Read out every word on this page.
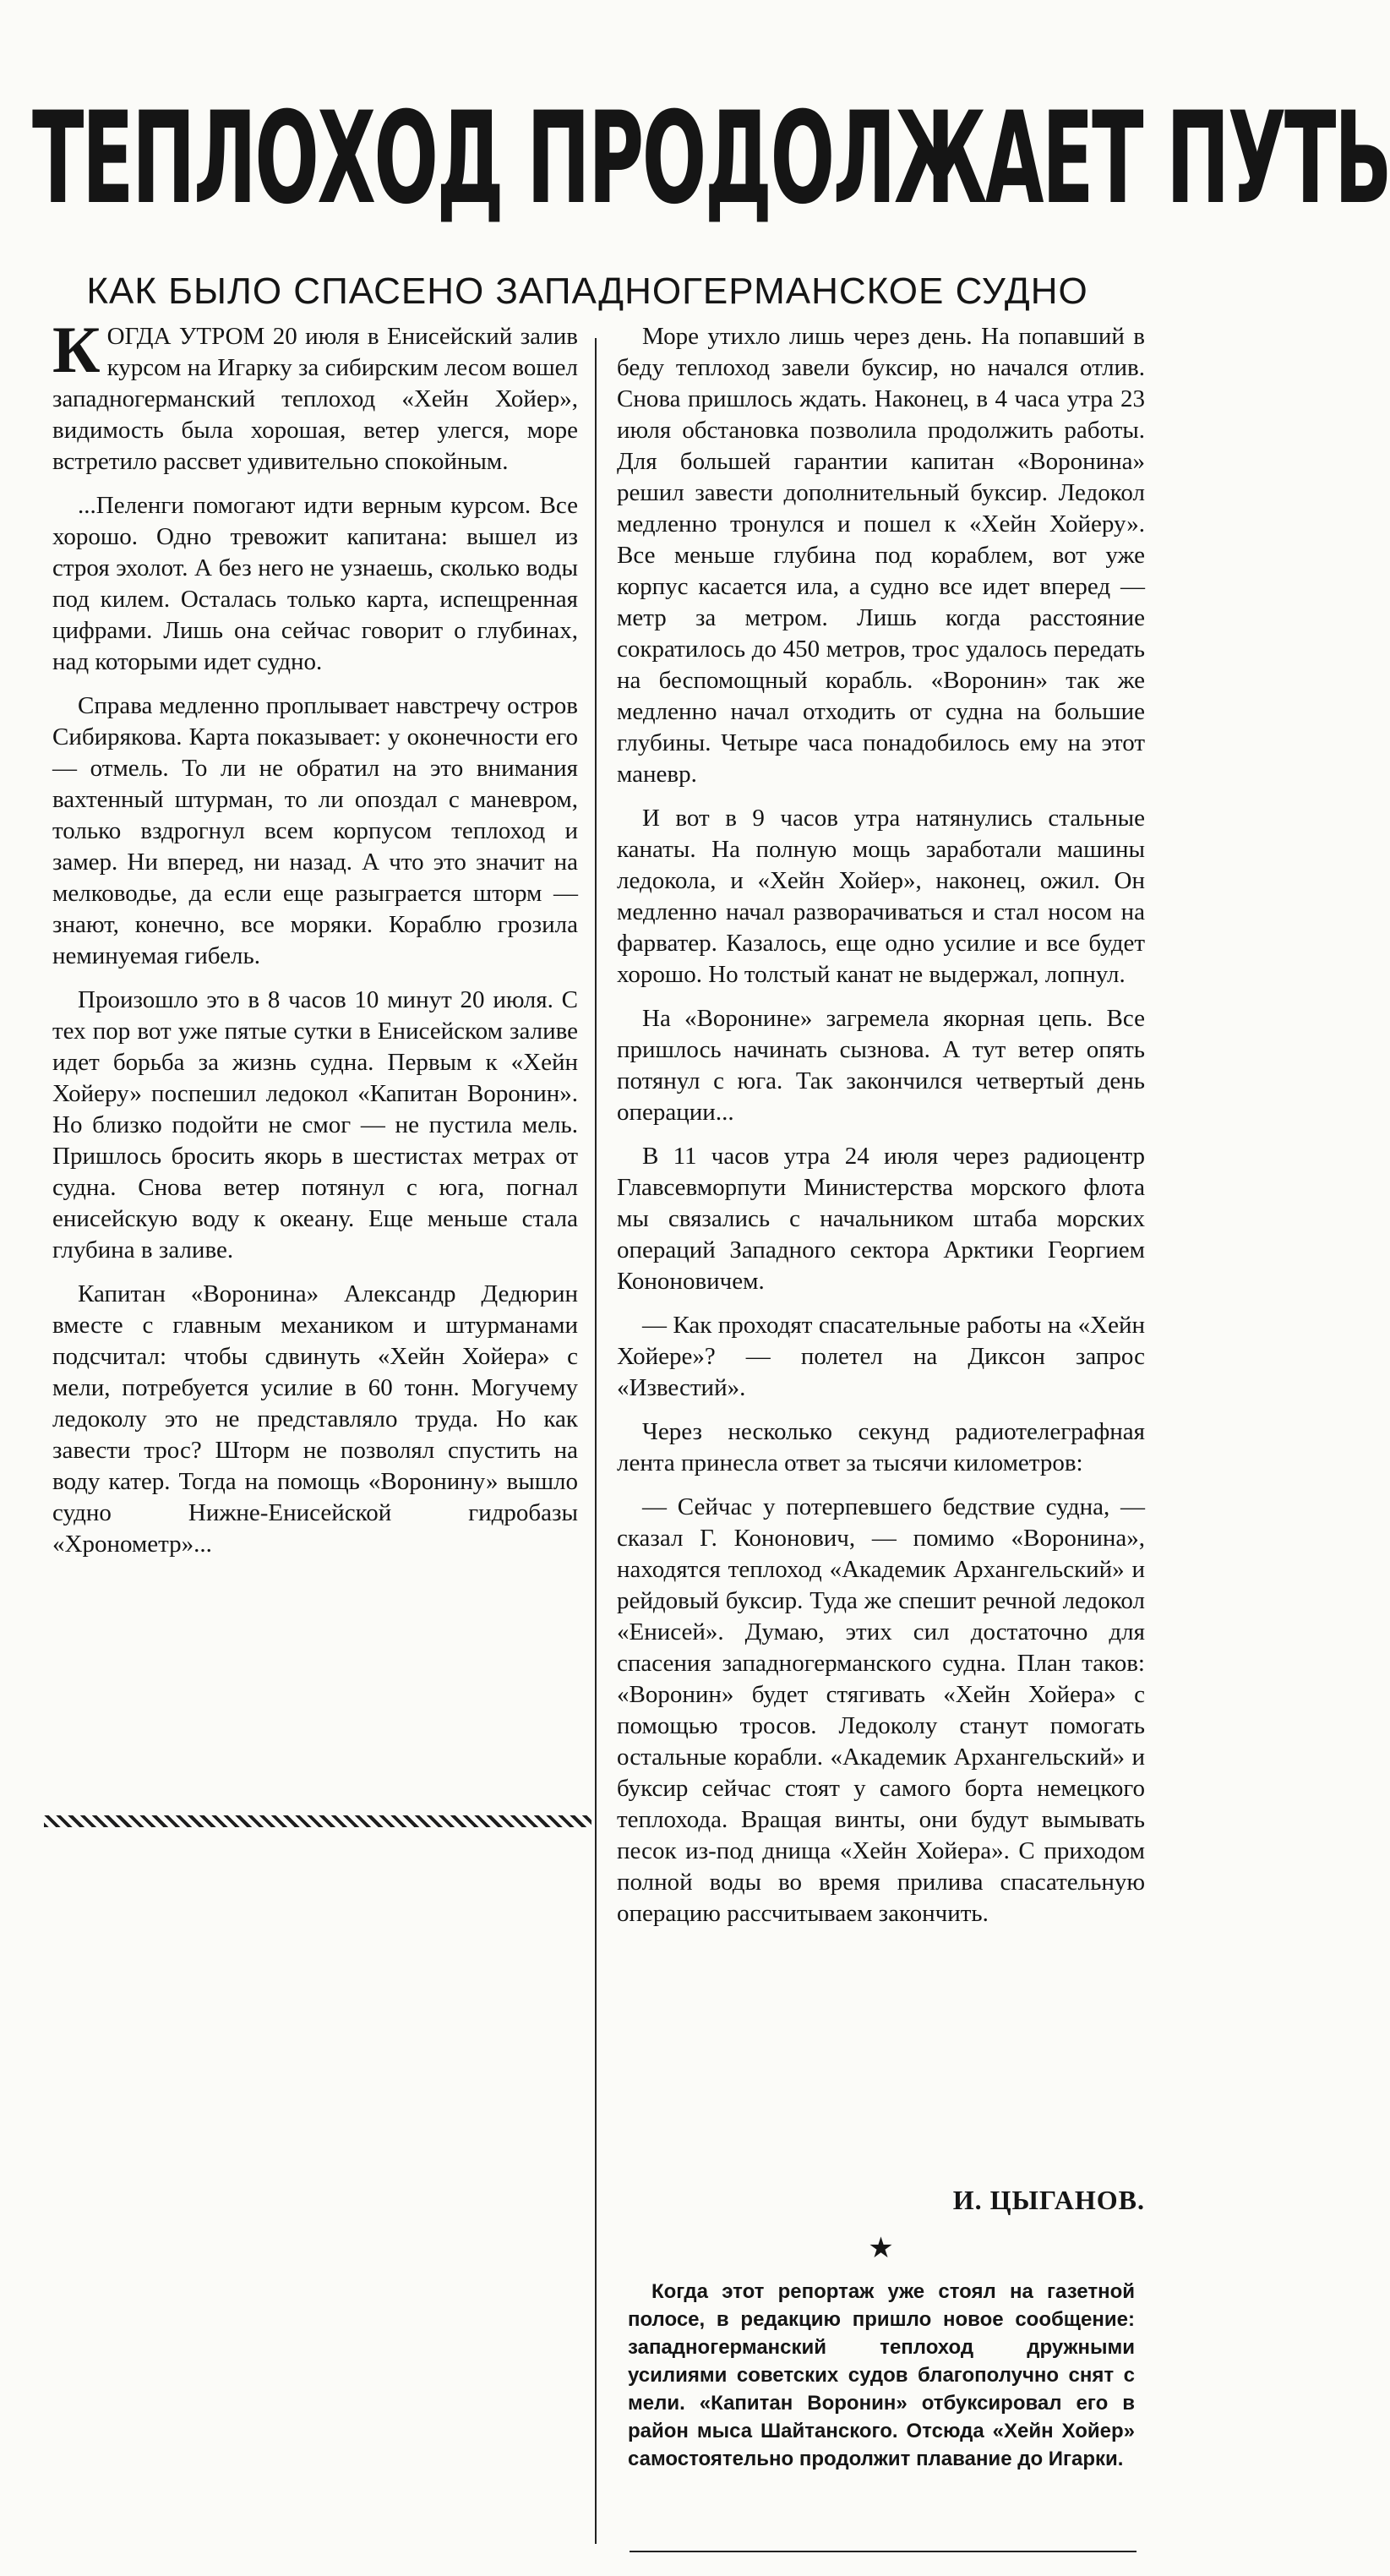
ТЕПЛОХОД ПРОДОЛЖАЕТ ПУТЬ
КАК БЫЛО СПАСЕНО ЗАПАДНОГЕРМАНСКОЕ СУДНО

КОГДА УТРОМ 20 июля в Енисейский залив курсом на Игарку за сибирским лесом вошел западногерманский теплоход «Хейн Хойер», видимость была хорошая, ветер улегся, море встретило рассвет удивительно спокойным.

...Пеленги помогают идти верным курсом. Все хорошо. Одно тревожит капитана: вышел из строя эхолот. А без него не узнаешь, сколько воды под килем. Осталась только карта, испещренная цифрами. Лишь она сейчас говорит о глубинах, над которыми идет судно.

Справа медленно проплывает навстречу остров Сибирякова. Карта показывает: у оконечности его — отмель. То ли не обратил на это внимания вахтенный штурман, то ли опоздал с маневром, только вздрогнул всем корпусом теплоход и замер. Ни вперед, ни назад. А что это значит на мелководье, да если еще разыграется шторм — знают, конечно, все моряки. Кораблю грозила неминуемая гибель.

Произошло это в 8 часов 10 минут 20 июля. С тех пор вот уже пятые сутки в Енисейском заливе идет борьба за жизнь судна. Первым к «Хейн Хойеру» поспешил ледокол «Капитан Воронин». Но близко подойти не смог — не пустила мель. Пришлось бросить якорь в шестистах метрах от судна. Снова ветер потянул с юга, погнал енисейскую воду к океану. Еще меньше стала глубина в заливе.

Капитан «Воронина» Александр Дедюрин вместе с главным механиком и штурманами подсчитал: чтобы сдвинуть «Хейн Хойера» с мели, потребуется усилие в 60 тонн. Могучему ледоколу это не представляло труда. Но как завести трос? Шторм не позволял спустить на воду катер. Тогда на помощь «Воронину» вышло судно Нижне-Енисейской гидробазы «Хронометр»...

Море утихло лишь через день. На попавший в беду теплоход завели буксир, но начался отлив. Снова пришлось ждать. Наконец, в 4 часа утра 23 июля обстановка позволила продолжить работы. Для большей гарантии капитан «Воронина» решил завести дополнительный буксир. Ледокол медленно тронулся и пошел к «Хейн Хойеру». Все меньше глубина под кораблем, вот уже корпус касается ила, а судно все идет вперед — метр за метром. Лишь когда расстояние сократилось до 450 метров, трос удалось передать на беспомощный корабль. «Воронин» так же медленно начал отходить от судна на большие глубины. Четыре часа понадобилось ему на этот маневр.

И вот в 9 часов утра натянулись стальные канаты. На полную мощь заработали машины ледокола, и «Хейн Хойер», наконец, ожил. Он медленно начал разворачиваться и стал носом на фарватер. Казалось, еще одно усилие и все будет хорошо. Но толстый канат не выдержал, лопнул.

На «Воронине» загремела якорная цепь. Все пришлось начинать сызнова. А тут ветер опять потянул с юга. Так закончился четвертый день операции...

В 11 часов утра 24 июля через радиоцентр Главсевморпути Министерства морского флота мы связались с начальником штаба морских операций Западного сектора Арктики Георгием Кононовичем.

— Как проходят спасательные работы на «Хейн Хойере»? — полетел на Диксон запрос «Известий».

Через несколько секунд радиотелеграфная лента принесла ответ за тысячи километров:

— Сейчас у потерпевшего бедствие судна, — сказал Г. Кононович, — помимо «Воронина», находятся теплоход «Академик Архангельский» и рейдовый буксир. Туда же спешит речной ледокол «Енисей». Думаю, этих сил достаточно для спасения западногерманского судна. План таков: «Воронин» будет стягивать «Хейн Хойера» с помощью тросов. Ледоколу станут помогать остальные корабли. «Академик Архангельский» и буксир сейчас стоят у самого борта немецкого теплохода. Вращая винты, они будут вымывать песок из-под днища «Хейн Хойера». С приходом полной воды во время прилива спасательную операцию рассчитываем закончить.

И. ЦЫГАНОВ.
★

Когда этот репортаж уже стоял на газетной полосе, в редакцию пришло новое сообщение: западногерманский теплоход дружными усилиями советских судов благополучно снят с мели. «Капитан Воронин» отбуксировал его в район мыса Шайтанского. Отсюда «Хейн Хойер» самостоятельно продолжит плавание до Игарки.
